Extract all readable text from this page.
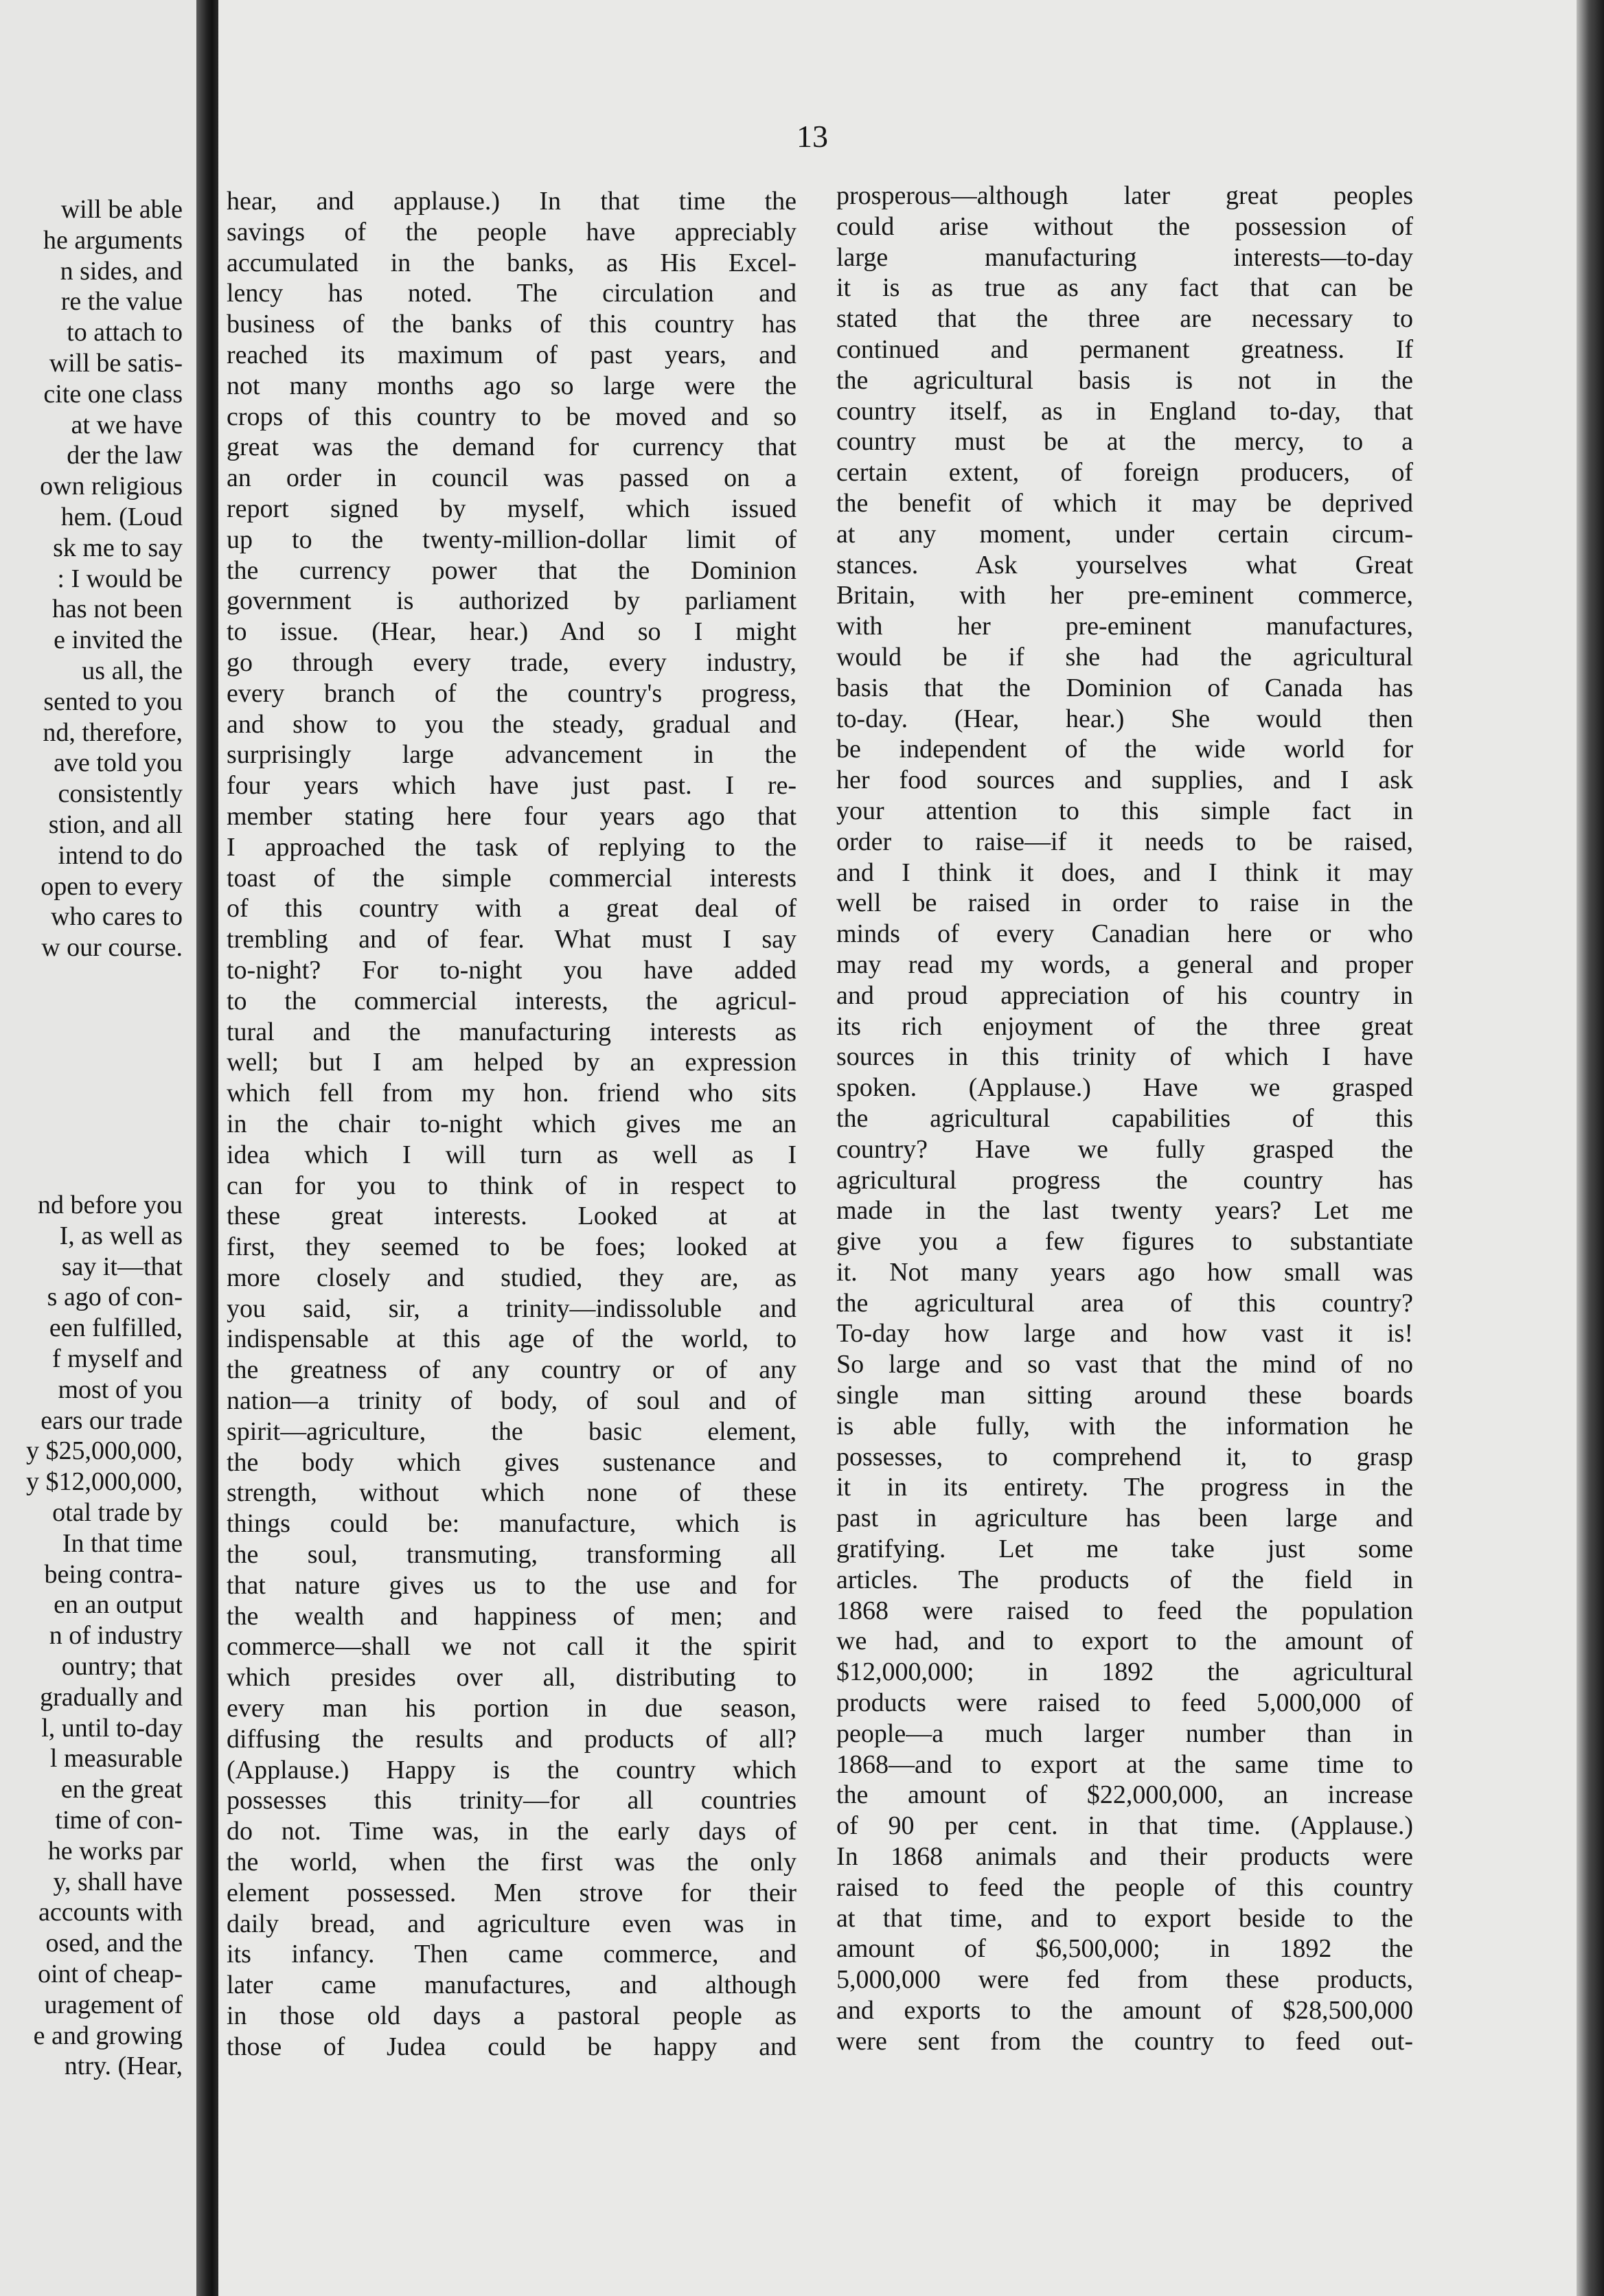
will be able
he arguments
n sides, and
re the value
to attach to
will be satis-
cite one class
at we have
der the law
own religious
hem. (Loud
sk me to say
: I would be
has not been
e invited the
us all, the
sented to you
nd, therefore,
ave told you
consistently
stion, and all
intend to do
open to every
who cares to
w our course.
nd before you
I, as well as
say it—that
s ago of con-
een fulfilled,
f myself and
most of you
ears our trade
y $25,000,000,
y $12,000,000,
otal trade by
In that time
being contra-
en an output
n of industry
ountry; that
gradually and
l, until to-day
l measurable
en the great
time of con-
he works par
y, shall have
accounts with
osed, and the
oint of cheap-
uragement of
e and growing
ntry. (Hear,
13
hear, and applause.) In that time the
savings of the people have appreciably
accumulated in the banks, as His Excel-
lency has noted. The circulation and
business of the banks of this country has
reached its maximum of past years, and
not many months ago so large were the
crops of this country to be moved and so
great was the demand for currency that
an order in council was passed on a
report signed by myself, which issued
up to the twenty-million-dollar limit of
the currency power that the Dominion
government is authorized by parliament
to issue. (Hear, hear.) And so I might
go through every trade, every industry,
every branch of the country's progress,
and show to you the steady, gradual and
surprisingly large advancement in the
four years which have just past. I re-
member stating here four years ago that
I approached the task of replying to the
toast of the simple commercial interests
of this country with a great deal of
trembling and of fear. What must I say
to-night? For to-night you have added
to the commercial interests, the agricul-
tural and the manufacturing interests as
well; but I am helped by an expression
which fell from my hon. friend who sits
in the chair to-night which gives me an
idea which I will turn as well as I
can for you to think of in respect to
these great interests. Looked at at
first, they seemed to be foes; looked at
more closely and studied, they are, as
you said, sir, a trinity—indissoluble and
indispensable at this age of the world, to
the greatness of any country or of any
nation—a trinity of body, of soul and of
spirit—agriculture, the basic element,
the body which gives sustenance and
strength, without which none of these
things could be: manufacture, which is
the soul, transmuting, transforming all
that nature gives us to the use and for
the wealth and happiness of men; and
commerce—shall we not call it the spirit
which presides over all, distributing to
every man his portion in due season,
diffusing the results and products of all?
(Applause.) Happy is the country which
possesses this trinity—for all countries
do not. Time was, in the early days of
the world, when the first was the only
element possessed. Men strove for their
daily bread, and agriculture even was in
its infancy. Then came commerce, and
later came manufactures, and although
in those old days a pastoral people as
those of Judea could be happy and
prosperous—although later great peoples
could arise without the possession of
large manufacturing interests—to-day
it is as true as any fact that can be
stated that the three are necessary to
continued and permanent greatness. If
the agricultural basis is not in the
country itself, as in England to-day, that
country must be at the mercy, to a
certain extent, of foreign producers, of
the benefit of which it may be deprived
at any moment, under certain circum-
stances. Ask yourselves what Great
Britain, with her pre-eminent commerce,
with her pre-eminent manufactures,
would be if she had the agricultural
basis that the Dominion of Canada has
to-day. (Hear, hear.) She would then
be independent of the wide world for
her food sources and supplies, and I ask
your attention to this simple fact in
order to raise—if it needs to be raised,
and I think it does, and I think it may
well be raised in order to raise in the
minds of every Canadian here or who
may read my words, a general and proper
and proud appreciation of his country in
its rich enjoyment of the three great
sources in this trinity of which I have
spoken. (Applause.) Have we grasped
the agricultural capabilities of this
country? Have we fully grasped the
agricultural progress the country has
made in the last twenty years? Let me
give you a few figures to substantiate
it. Not many years ago how small was
the agricultural area of this country?
To-day how large and how vast it is!
So large and so vast that the mind of no
single man sitting around these boards
is able fully, with the information he
possesses, to comprehend it, to grasp
it in its entirety. The progress in the
past in agriculture has been large and
gratifying. Let me take just some
articles. The products of the field in
1868 were raised to feed the population
we had, and to export to the amount of
$12,000,000; in 1892 the agricultural
products were raised to feed 5,000,000 of
people—a much larger number than in
1868—and to export at the same time to
the amount of $22,000,000, an increase
of 90 per cent. in that time. (Applause.)
In 1868 animals and their products were
raised to feed the people of this country
at that time, and to export beside to the
amount of $6,500,000; in 1892 the
5,000,000 were fed from these products,
and exports to the amount of $28,500,000
were sent from the country to feed out-
